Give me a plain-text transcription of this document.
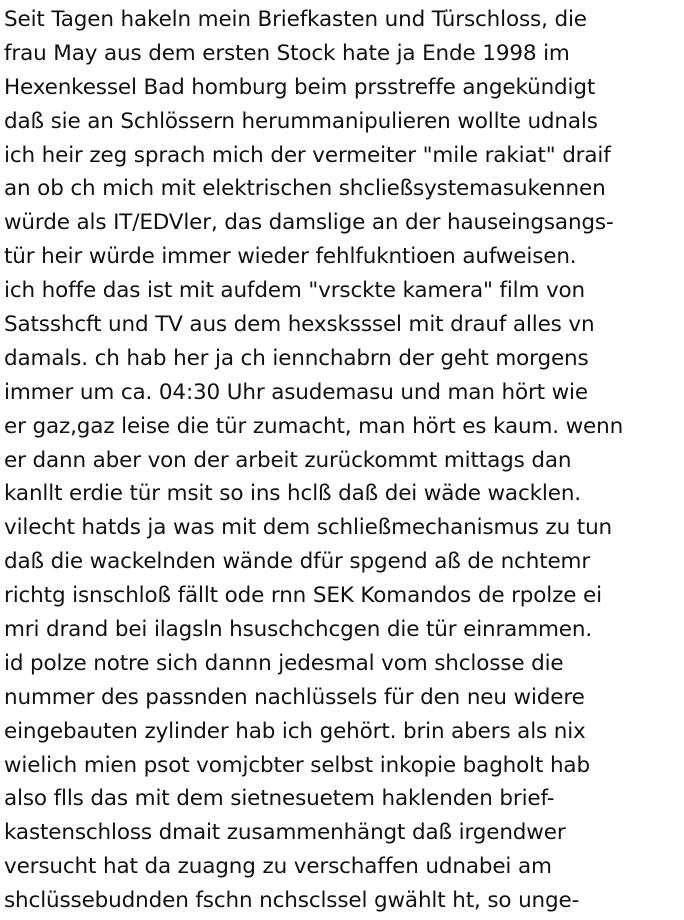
Seit Tagen hakeln mein Briefkasten und Türschloss, die
frau May aus dem ersten Stock hate ja Ende 1998 im
Hexenkessel Bad homburg beim prsstreffe angekündigt
daß sie an Schlössern herummanipulieren wollte udnals
ich heir zeg sprach mich der vermeiter "mile rakiat" draif
an ob ch mich mit elektrischen shcließsystemasukennen
würde als IT/EDVler, das damslige an der hauseingsangs-
tür heir würde immer wieder fehlfukntioen aufweisen.
ich hoffe das ist mit aufdem "vrsckte kamera" film von
Satsshcft und TV aus dem hexsksssel mit drauf alles vn
damals. ch hab her ja ch iennchabrn der geht morgens
immer um ca. 04:30 Uhr asudemasu und man hört wie
er gaz,gaz leise die tür zumacht, man hört es kaum. wenn
er dann aber von der arbeit zurückommt mittags dan
kanllt erdie tür msit so ins hclß daß dei wäde wacklen.
vilecht hatds ja was mit dem schließmechanismus zu tun
daß die wackelnden wände dfür spgend aß de nchtemr
richtg isnschloß fällt ode rnn SEK Komandos de rpolze ei
mri drand bei ilagsln hsuschchcgen die tür einrammen.
id polze notre sich dannn jedesmal vom shclosse die
nummer des passnden nachlüssels für den neu widere
eingebauten zylinder hab ich gehört. brin abers als nix
wielich mien psot vomjcbter selbst inkopie bagholt hab
also flls das mit dem sietnesuetem haklenden brief-
kastenschloss dmait zusammenhängt daß irgendwer
versucht hat da zuagng zu verschaffen udnabei am
shclüssebudnden fschn nchsclssel gwählt ht, so unge-
